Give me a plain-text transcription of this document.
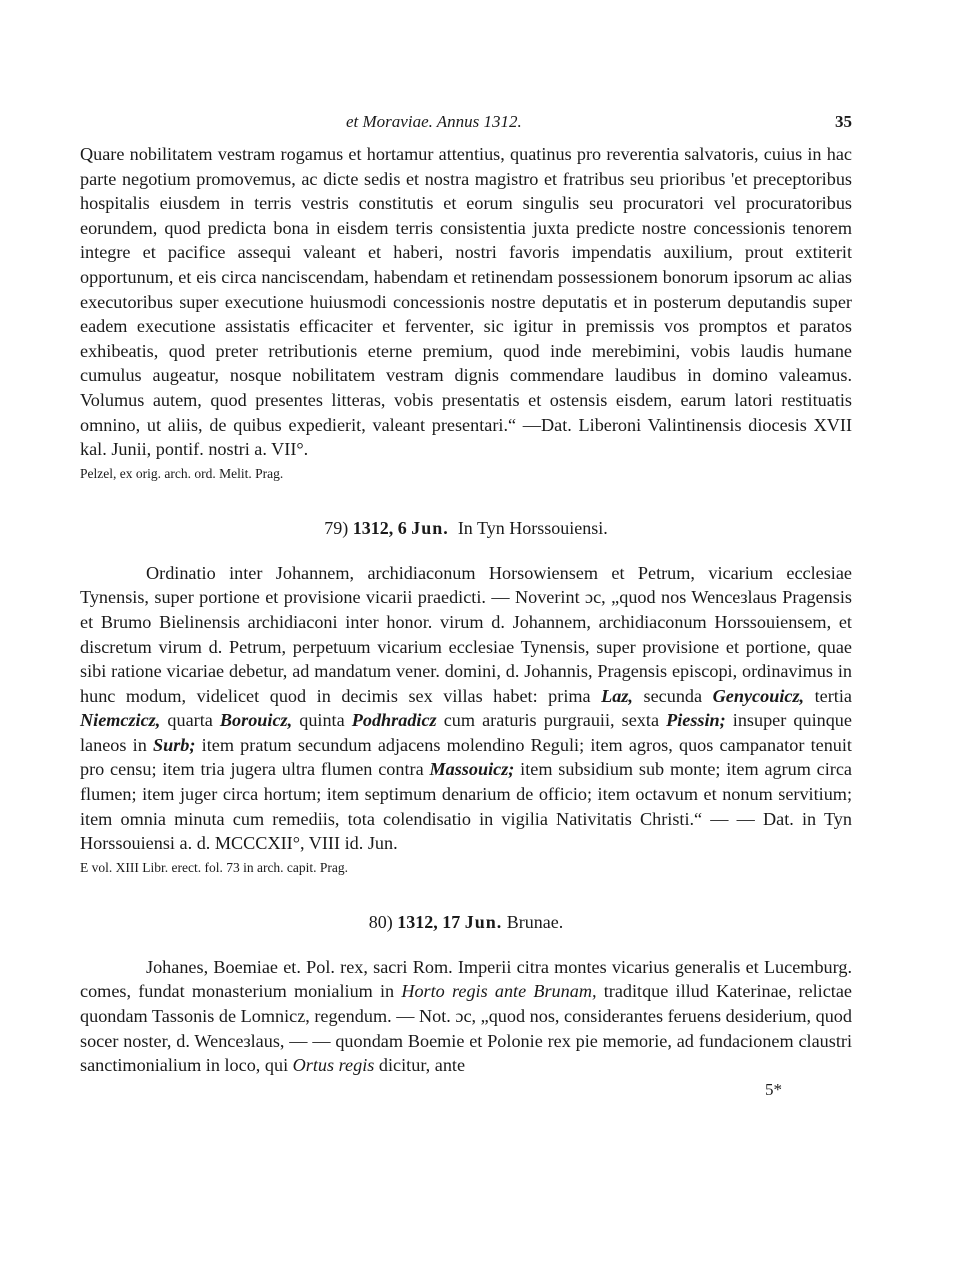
et Moraviae. Annus 1312.	35

Quare nobilitatem vestram rogamus et hortamur attentius, quatinus pro reverentia salvatoris, cuius in hac parte negotium promovemus, ac dicte sedis et nostra magistro et fratribus seu prioribus 'et preceptoribus hospitalis eiusdem in terris vestris constitutis et eorum singulis seu procuratori vel procuratoribus eorundem, quod predicta bona in eisdem terris consistentia juxta predicte nostre concessionis tenorem integre et pacifice assequi valeant et haberi, nostri favoris impendatis auxilium, prout extiterit opportunum, et eis circa nanciscendam, habendam et retinendam possessionem bonorum ipsorum ac alias executoribus super executione huiusmodi concessionis nostre deputatis et in posterum deputandis super eadem executione assistatis efficaciter et ferventer, sic igitur in premissis vos promptos et paratos exhibeatis, quod preter retributionis eterne premium, quod inde merebimini, vobis laudis humane cumulus augeatur, nosque nobilitatem vestram dignis commendare laudibus in domino valeamus. Volumus autem, quod presentes litteras, vobis presentatis et ostensis eisdem, earum latori restituatis omnino, ut aliis, de quibus expedierit, valeant presentari.“ —Dat. Liberoni Valintinensis diocesis XVII kal. Junii, pontif. nostri a. VII°.

Pelzel, ex orig. arch. ord. Melit. Prag.

79) 1312, 6 Jun. In Tyn Horssouiensi.

Ordinatio inter Johannem, archidiaconum Horsowiensem et Petrum, vicarium ecclesiae Tynensis, super portione et provisione vicarii praedicti. — Noverint ɔc, „quod nos Wenceзlaus Pragensis et Brumo Bielinensis archidiaconi inter honor. virum d. Johannem, archidiaconum Horssouiensem, et discretum virum d. Petrum, perpetuum vicarium ecclesiae Tynensis, super provisione et portione, quae sibi ratione vicariae debetur, ad mandatum vener. domini, d. Johannis, Pragensis episcopi, ordinavimus in hunc modum, videlicet quod in decimis sex villas habet: prima Laz, secunda Genycouicz, tertia Niemczicz, quarta Borouicz, quinta Podhradicz cum araturis purgrauii, sexta Piessin; insuper quinque laneos in Surb; item pratum secundum adjacens molendino Reguli; item agros, quos campanator tenuit pro censu; item tria jugera ultra flumen contra Massouicz; item subsidium sub monte; item agrum circa flumen; item juger circa hortum; item septimum denarium de officio; item octavum et nonum servitium; item omnia minuta cum remediis, tota colendisatio in vigilia Nativitatis Christi.“ — — Dat. in Tyn Horssouiensi a. d. MCCCXII°, VIII id. Jun.

E vol. XIII Libr. erect. fol. 73 in arch. capit. Prag.

80) 1312, 17 Jun. Brunae.

Johanes, Boemiae et. Pol. rex, sacri Rom. Imperii citra montes vicarius generalis et Lucemburg. comes, fundat monasterium monialium in Horto regis ante Brunam, traditque illud Katerinae, relictae quondam Tassonis de Lomnicz, regendum. — Not. ɔc, „quod nos, considerantes feruens desiderium, quod socer noster, d. Wenceзlaus, — — quondam Boemie et Polonie rex pie memorie, ad fundacionem claustri sanctimonialium in loco, qui Ortus regis dicitur, ante

5*
